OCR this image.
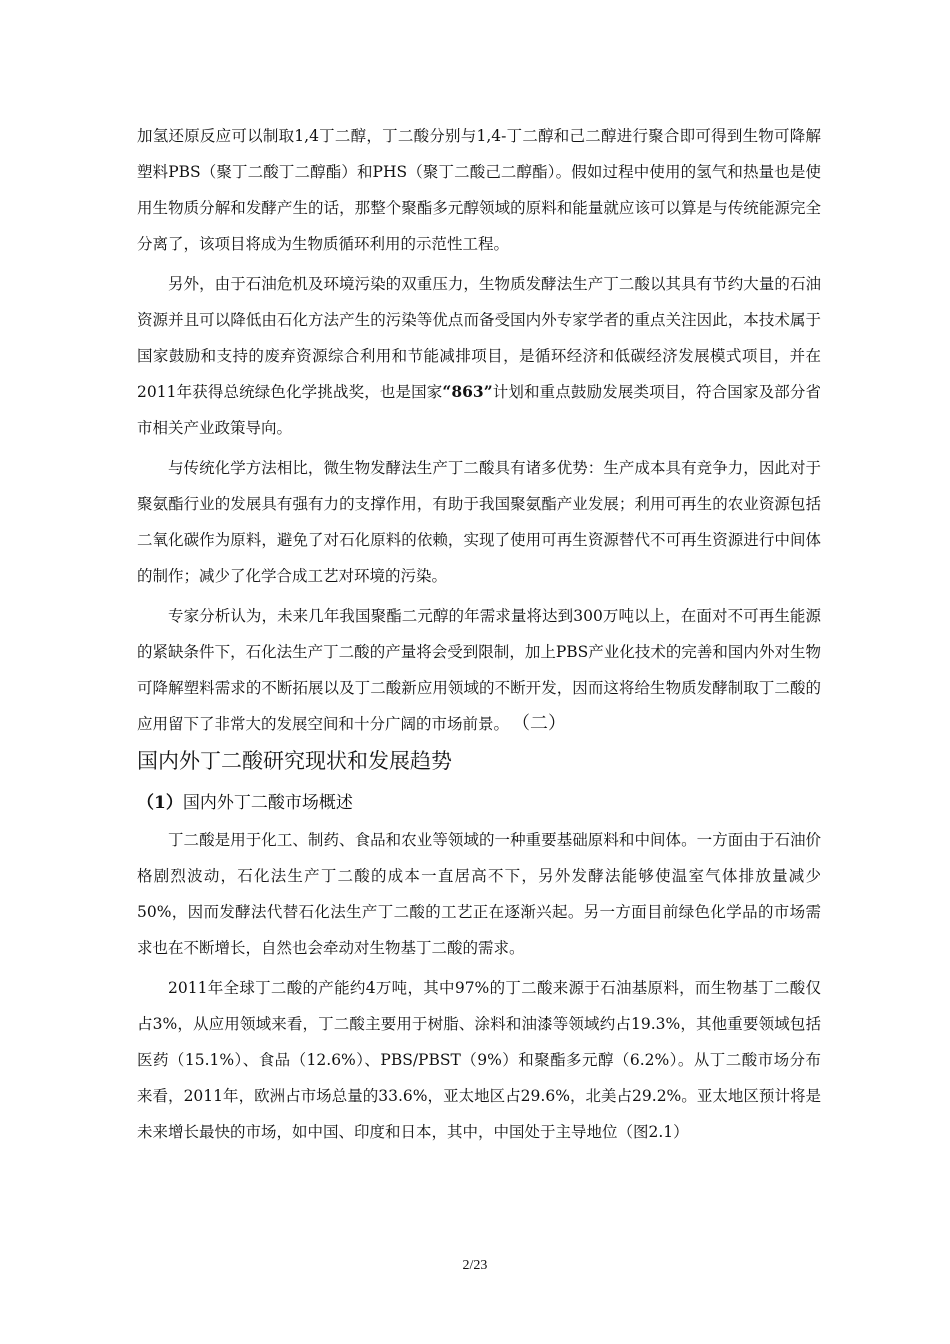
加氢还原反应可以制取1,4丁二醇，丁二酸分别与1,4-丁二醇和己二醇进行聚合即可得到生物可降解塑料PBS（聚丁二酸丁二醇酯）和PHS（聚丁二酸己二醇酯）。假如过程中使用的氢气和热量也是使用生物质分解和发酵产生的话，那整个聚酯多元醇领域的原料和能量就应该可以算是与传统能源完全分离了，该项目将成为生物质循环利用的示范性工程。

另外，由于石油危机及环境污染的双重压力，生物质发酵法生产丁二酸以其具有节约大量的石油资源并且可以降低由石化方法产生的污染等优点而备受国内外专家学者的重点关注因此，本技术属于国家鼓励和支持的废弃资源综合利用和节能减排项目，是循环经济和低碳经济发展模式项目，并在2011年获得总统绿色化学挑战奖，也是国家“863”计划和重点鼓励发展类项目，符合国家及部分省市相关产业政策导向。

与传统化学方法相比，微生物发酵法生产丁二酸具有诸多优势：生产成本具有竞争力，因此对于聚氨酯行业的发展具有强有力的支撑作用，有助于我国聚氨酯产业发展；利用可再生的农业资源包括二氧化碳作为原料，避免了对石化原料的依赖，实现了使用可再生资源替代不可再生资源进行中间体的制作；减少了化学合成工艺对环境的污染。

专家分析认为，未来几年我国聚酯二元醇的年需求量将达到300万吨以上，在面对不可再生能源的紧缺条件下，石化法生产丁二酸的产量将会受到限制，加上PBS产业化技术的完善和国内外对生物可降解塑料需求的不断拓展以及丁二酸新应用领域的不断开发，因而这将给生物质发酵制取丁二酸的应用留下了非常大的发展空间和十分广阔的市场前景。 （二）

国内外丁二酸研究现状和发展趋势
（1）国内外丁二酸市场概述

丁二酸是用于化工、制药、食品和农业等领域的一种重要基础原料和中间体。一方面由于石油价格剧烈波动，石化法生产丁二酸的成本一直居高不下，另外发酵法能够使温室气体排放量减少50%，因而发酵法代替石化法生产丁二酸的工艺正在逐渐兴起。另一方面目前绿色化学品的市场需求也在不断增长，自然也会牵动对生物基丁二酸的需求。

2011年全球丁二酸的产能约4万吨，其中97%的丁二酸来源于石油基原料，而生物基丁二酸仅占3%，从应用领域来看，丁二酸主要用于树脂、涂料和油漆等领域约占19.3%，其他重要领域包括医药（15.1%）、食品（12.6%）、PBS/PBST（9%）和聚酯多元醇（6.2%）。从丁二酸市场分布来看，2011年，欧洲占市场总量的33.6%，亚太地区占29.6%，北美占29.2%。亚太地区预计将是未来增长最快的市场，如中国、印度和日本，其中，中国处于主导地位（图2.1）

2/23
